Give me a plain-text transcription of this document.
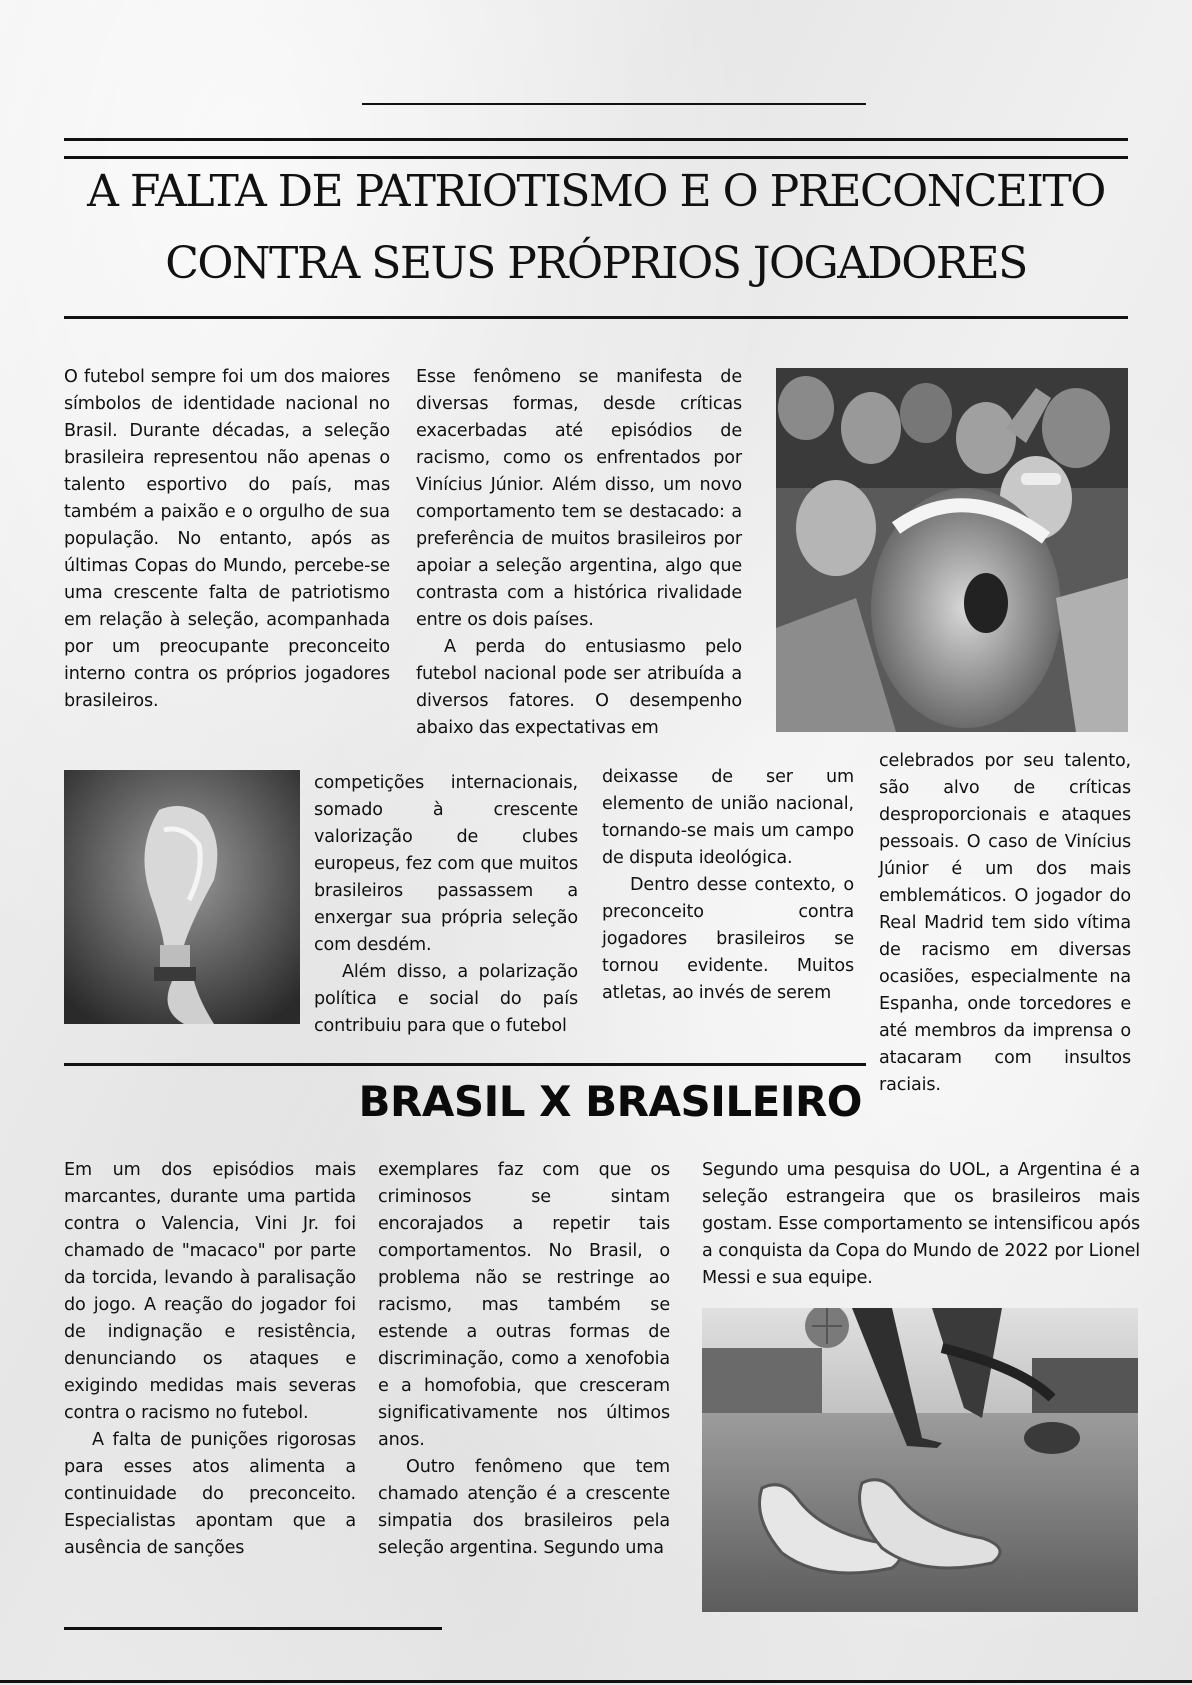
A FALTA DE PATRIOTISMO E O PRECONCEITO
CONTRA SEUS PRÓPRIOS JOGADORES

O futebol sempre foi um dos maiores símbolos de identidade nacional no Brasil. Durante décadas, a seleção brasileira representou não apenas o talento esportivo do país, mas também a paixão e o orgulho de sua população. No entanto, após as últimas Copas do Mundo, percebe-se uma crescente falta de patriotismo em relação à seleção, acompanhada por um preocupante preconceito interno contra os próprios jogadores brasileiros.

Esse fenômeno se manifesta de diversas formas, desde críticas exacerbadas até episódios de racismo, como os enfrentados por Vinícius Júnior. Além disso, um novo comportamento tem se destacado: a preferência de muitos brasileiros por apoiar a seleção argentina, algo que contrasta com a histórica rivalidade entre os dois países.

A perda do entusiasmo pelo futebol nacional pode ser atribuída a diversos fatores. O desempenho abaixo das expectativas em

competições internacionais, somado à crescente valorização de clubes europeus, fez com que muitos brasileiros passassem a enxergar sua própria seleção com desdém.

Além disso, a polarização política e social do país contribuiu para que o futebol

deixasse de ser um elemento de união nacional, tornando-se mais um campo de disputa ideológica.

Dentro desse contexto, o preconceito contra jogadores brasileiros se tornou evidente. Muitos atletas, ao invés de serem

celebrados por seu talento, são alvo de críticas desproporcionais e ataques pessoais. O caso de Vinícius Júnior é um dos mais emblemáticos. O jogador do Real Madrid tem sido vítima de racismo em diversas ocasiões, especialmente na Espanha, onde torcedores e até membros da imprensa o atacaram com insultos raciais.

BRASIL X BRASILEIRO

Em um dos episódios mais marcantes, durante uma partida contra o Valencia, Vini Jr. foi chamado de "macaco" por parte da torcida, levando à paralisação do jogo. A reação do jogador foi de indignação e resistência, denunciando os ataques e exigindo medidas mais severas contra o racismo no futebol.

A falta de punições rigorosas para esses atos alimenta a continuidade do preconceito. Especialistas apontam que a ausência de sanções

exemplares faz com que os criminosos se sintam encorajados a repetir tais comportamentos. No Brasil, o problema não se restringe ao racismo, mas também se estende a outras formas de discriminação, como a xenofobia e a homofobia, que cresceram significativamente nos últimos anos.

Outro fenômeno que tem chamado atenção é a crescente simpatia dos brasileiros pela seleção argentina. Segundo uma

Segundo uma pesquisa do UOL, a Argentina é a seleção estrangeira que os brasileiros mais gostam. Esse comportamento se intensificou após a conquista da Copa do Mundo de 2022 por Lionel Messi e sua equipe.
